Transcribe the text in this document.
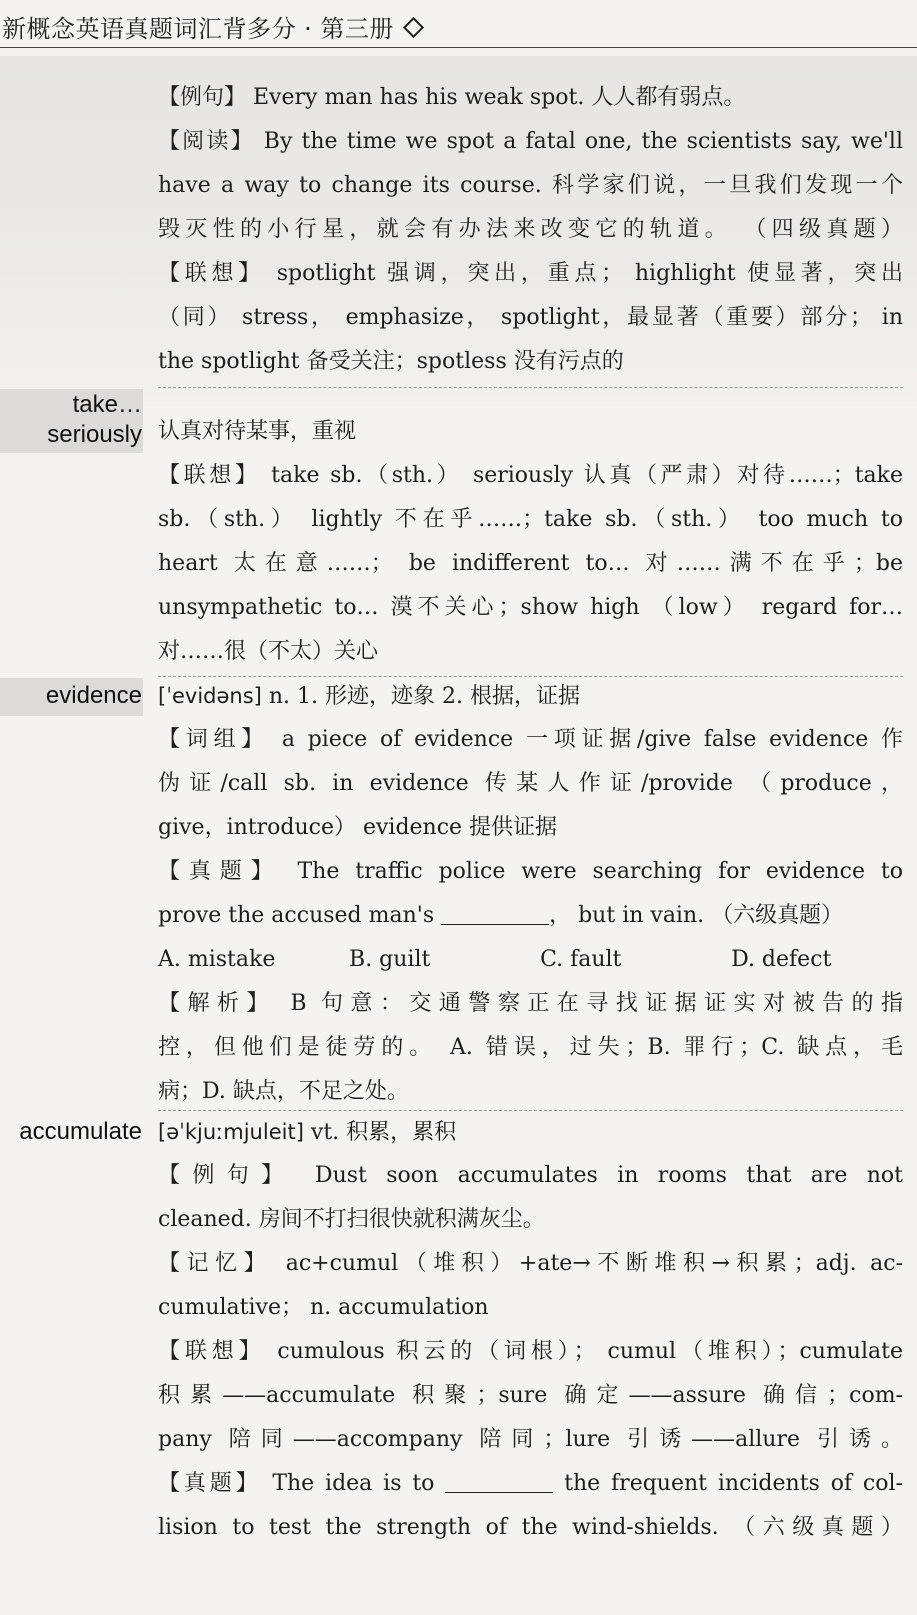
新概念英语真题词汇背多分 · 第三册
【例句】 Every man has his weak spot. 人人都有弱点。
【阅读】 By the time we spot a fatal one, the scientists say, we'll
have a way to change its course. 科学家们说，一旦我们发现一个
毁灭性的小行星，就会有办法来改变它的轨道。 （四级真题）
【联想】 spotlight 强调，突出，重点； highlight 使显著，突出
（同） stress， emphasize， spotlight，最显著（重要）部分； in
the spotlight 备受关注；spotless 没有污点的
take…
seriously 认真对待某事，重视
【联想】 take sb.（sth.） seriously 认真（严肃）对待……；take
sb.（sth.） lightly 不在乎……；take sb.（sth.） too much to
heart 太在意……； be indifferent to… 对……满不在乎；be
unsympathetic to… 漠不关心；show high （low） regard for…
对……很（不太）关心
evidence [ˈevidəns] n. 1. 形迹，迹象 2. 根据，证据
【词组】 a piece of evidence 一项证据/give false evidence 作
伪证/call sb. in evidence 传某人作证/provide （produce，
give，introduce） evidence 提供证据
【真题】 The traffic police were searching for evidence to
prove the accused man's	， but in vain. （六级真题）
A. mistake	B. guilt	C. fault	D. defect
【解析】 B 句意：交通警察正在寻找证据证实对被告的指
控，但他们是徒劳的。 A. 错误，过失；B. 罪行；C. 缺点，毛
病；D. 缺点，不足之处。
accumulate [əˈkjuːmjuleit] vt. 积累，累积
【例句】 Dust soon accumulates in rooms that are not
cleaned. 房间不打扫很快就积满灰尘。
【记忆】 ac+cumul（堆积）+ate→不断堆积→积累；adj. ac-
cumulative； n. accumulation
【联想】 cumulous 积云的（词根）； cumul（堆积）；cumulate
积累——accumulate 积聚；sure 确定——assure 确信；com-
pany 陪同——accompany 陪同；lure 引诱——allure 引诱。
【真题】 The idea is to	the frequent incidents of col-
lision to test the strength of the wind-shields. （六级真题）
